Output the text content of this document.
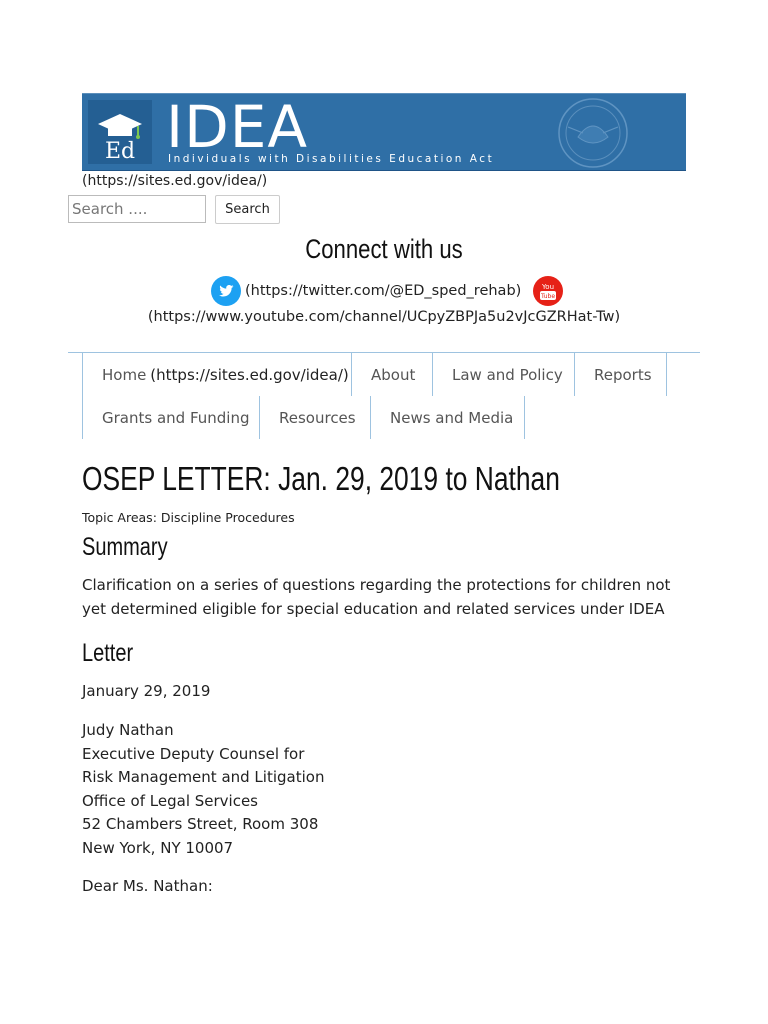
Ed IDEA
Individuals with Disabilities Education Act
(https://sites.ed.gov/idea/)
Search ....
Search
Connect with us
(https://twitter.com/@ED_sped_rehab)	You
Tube
(https://www.youtube.com/channel/UCpyZBPJa5u2vJcGZRHat-Tw)
Home (https://sites.ed.gov/idea/)	About	Law and Policy	Reports
Grants and Funding	Resources	News and Media
OSEP LETTER: Jan. 29, 2019 to Nathan
Topic Areas: Discipline Procedures
Summary
Clarification on a series of questions regarding the protections for children not yet determined eligible for special education and related services under IDEA
Letter
January 29, 2019
Judy Nathan
Executive Deputy Counsel for
Risk Management and Litigation
Office of Legal Services
52 Chambers Street, Room 308
New York, NY 10007
Dear Ms. Nathan:
